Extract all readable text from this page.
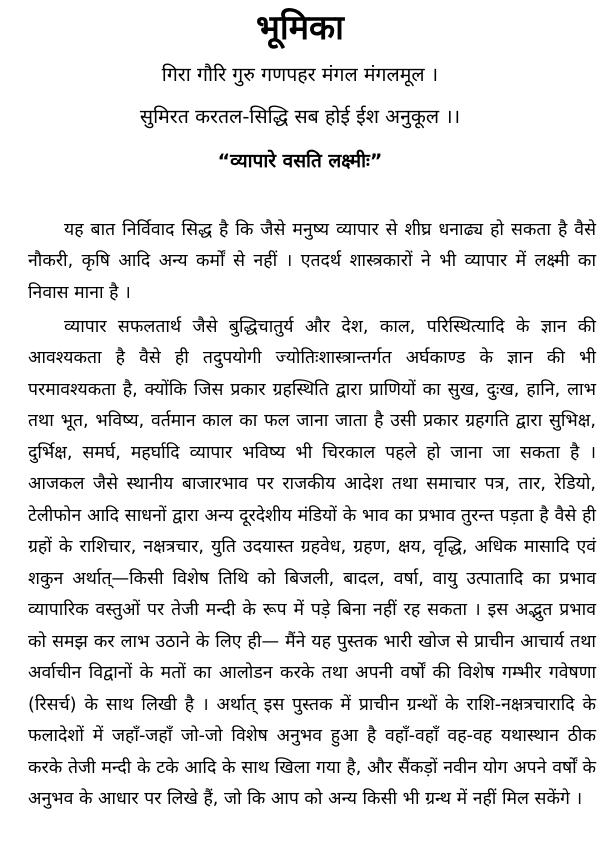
भूमिका
गिरा गौरि गुरु गणपहर मंगल मंगलमूल ।
सुमिरत करतल-सिद्धि सब होई ईश अनुकूल ।।
“व्यापारे वसति लक्ष्मीः”

यह बात निर्विवाद सिद्ध है कि जैसे मनुष्य व्यापार से शीघ्र धनाढ्य हो सकता है वैसे नौकरी, कृषि आदि अन्य कर्मों से नहीं । एतदर्थ शास्त्रकारों ने भी व्यापार में लक्ष्मी का निवास माना है ।

व्यापार सफलतार्थ जैसे बुद्धिचातुर्य और देश, काल, परिस्थित्यादि के ज्ञान की आवश्यकता है वैसे ही तदुपयोगी ज्योतिःशास्त्रान्तर्गत अर्घकाण्ड के ज्ञान की भी परमावश्यकता है, क्योंकि जिस प्रकार ग्रहस्थिति द्वारा प्राणियों का सुख, दुःख, हानि, लाभ तथा भूत, भविष्य, वर्तमान काल का फल जाना जाता है उसी प्रकार ग्रहगति द्वारा सुभिक्ष, दुर्भिक्ष, समर्घ, महर्घादि व्यापार भविष्य भी चिरकाल पहले हो जाना जा सकता है । आजकल जैसे स्थानीय बाजारभाव पर राजकीय आदेश तथा समाचार पत्र, तार, रेडियो, टेलीफोन आदि साधनों द्वारा अन्य दूरदेशीय मंडियों के भाव का प्रभाव तुरन्त पड़ता है वैसे ही ग्रहों के राशिचार, नक्षत्रचार, युति उदयास्त ग्रहवेध, ग्रहण, क्षय, वृद्धि, अधिक मासादि एवं शकुन अर्थात्—किसी विशेष तिथि को बिजली, बादल, वर्षा, वायु उत्पातादि का प्रभाव व्यापारिक वस्तुओं पर तेजी मन्दी के रूप में पड़े बिना नहीं रह सकता । इस अद्भुत प्रभाव को समझ कर लाभ उठाने के लिए ही— मैंने यह पुस्तक भारी खोज से प्राचीन आचार्य तथा अर्वाचीन विद्वानों के मतों का आलोडन करके तथा अपनी वर्षों की विशेष गम्भीर गवेषणा (रिसर्च) के साथ लिखी है । अर्थात् इस पुस्तक में प्राचीन ग्रन्थों के राशि-नक्षत्रचारादि के फलादेशों में जहाँ-जहाँ जो-जो विशेष अनुभव हुआ है वहाँ-वहाँ वह-वह यथास्थान ठीक करके तेजी मन्दी के टके आदि के साथ खिला गया है, और सैंकड़ों नवीन योग अपने वर्षों के अनुभव के आधार पर लिखे हैं, जो कि आप को अन्य किसी भी ग्रन्थ में नहीं मिल सकेंगे ।
